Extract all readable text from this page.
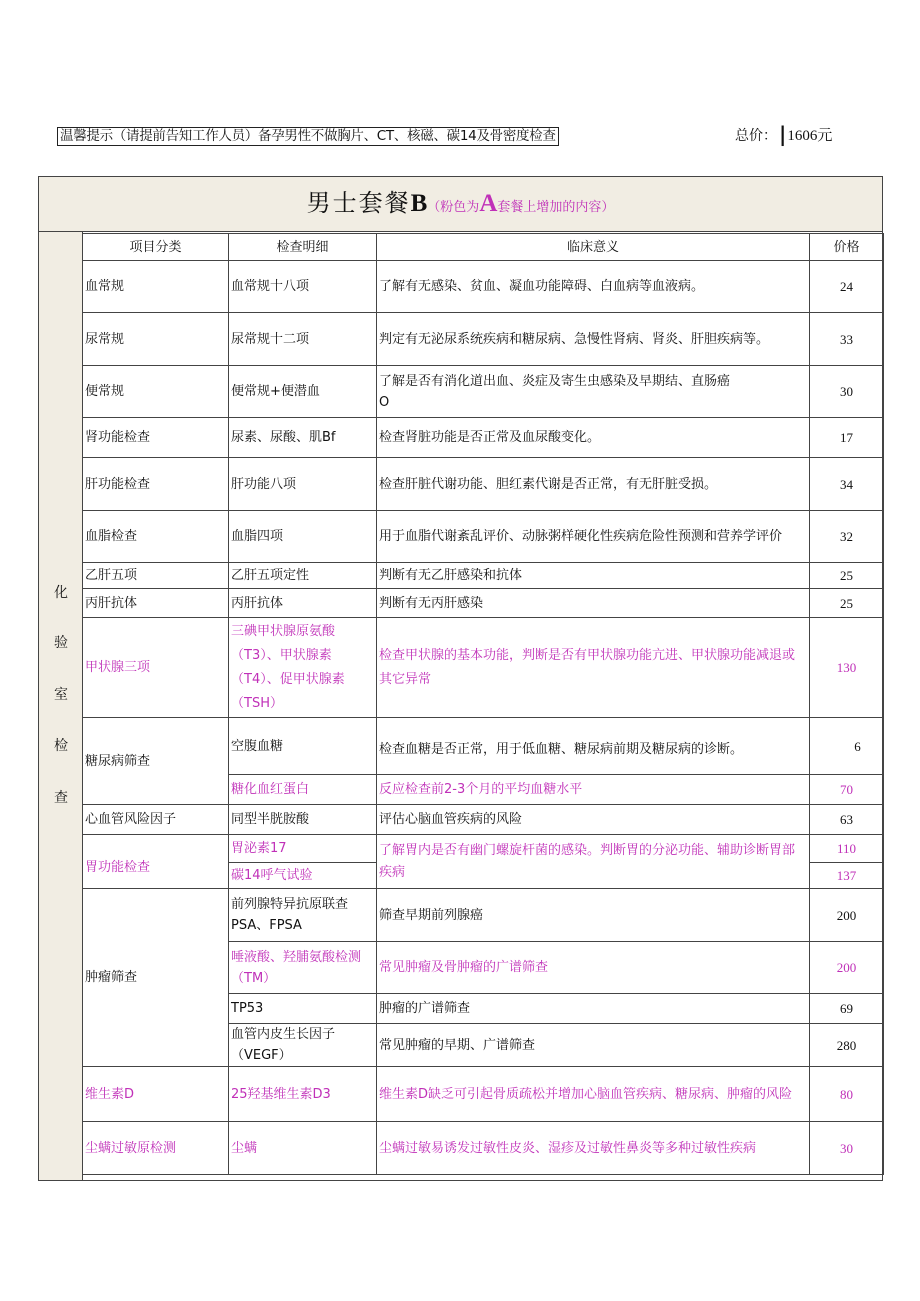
温馨提示（请提前告知工作人员）备孕男性不做胸片、CT、核磁、碳14及骨密度检查	总价： |1606元
男士套餐B（粉色为A套餐上增加的内容）
化
验
室
检
查
项目分类	检查明细	临床意义	价格
血常规	血常规十八项	了解有无感染、贫血、凝血功能障碍、白血病等血液病。	24
尿常规	尿常规十二项	判定有无泌尿系统疾病和糖尿病、急慢性肾病、肾炎、肝胆疾病等。	33
便常规	便常规+便潜血	了解是否有消化道出血、炎症及寄生虫感染及早期结、直肠癌O	30
肾功能检查	尿素、尿酸、肌Bf	检查肾脏功能是否正常及血尿酸变化。	17
肝功能检查	肝功能八项	检查肝脏代谢功能、胆红素代谢是否正常，有无肝脏受损。	34
血脂检查	血脂四项	用于血脂代谢紊乱评价、动脉粥样硬化性疾病危险性预测和营养学评价	32
乙肝五项	乙肝五项定性	判断有无乙肝感染和抗体	25
丙肝抗体	丙肝抗体	判断有无丙肝感染	25
甲状腺三项	三碘甲状腺原氨酸（T3）、甲状腺素（T4）、促甲状腺素（TSH）	检查甲状腺的基本功能，判断是否有甲状腺功能亢进、甲状腺功能减退或其它异常	130
糖尿病筛查	空腹血糖	检查血糖是否正常，用于低血糖、糖尿病前期及糖尿病的诊断。	6
	糖化血红蛋白	反应检查前2-3个月的平均血糖水平	70
心血管风险因子	同型半胱胺酸	评估心脑血管疾病的风险	63
胃功能检查	胃泌素17	了解胃内是否有幽门螺旋杆菌的感染。判断胃的分泌功能、辅助诊断胃部疾病	110
	碳14呼气试验		137
肿瘤筛查	前列腺特异抗原联查PSA、FPSA	筛查早期前列腺癌	200
	唾液酸、羟脯氨酸检测（TM）	常见肿瘤及骨肿瘤的广谱筛查	200
	TP53	肿瘤的广谱筛查	69
	血管内皮生长因子（VEGF）	常见肿瘤的早期、广谱筛查	280
维生素D	25羟基维生素D3	维生素D缺乏可引起骨质疏松并增加心脑血管疾病、糖尿病、肿瘤的风险	80
尘螨过敏原检测	尘螨	尘螨过敏易诱发过敏性皮炎、湿疹及过敏性鼻炎等多种过敏性疾病	30
